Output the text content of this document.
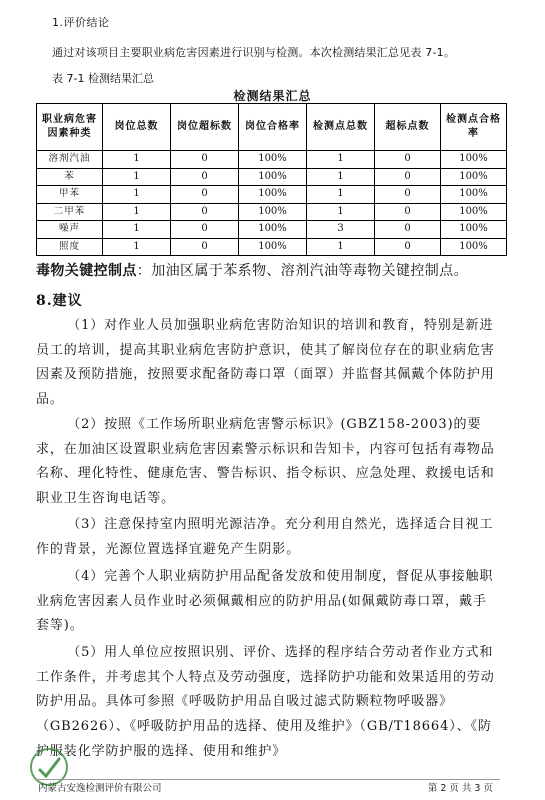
1.评价结论
通过对该项目主要职业病危害因素进行识别与检测。本次检测结果汇总见表 7-1。
表 7-1 检测结果汇总
检测结果汇总
职业病危害因素种类	岗位总数	岗位超标数	岗位合格率	检测点总数	超标点数	检测点合格率
溶剂汽油	1	0	100%	1	0	100%
苯	1	0	100%	1	0	100%
甲苯	1	0	100%	1	0	100%
二甲苯	1	0	100%	1	0	100%
噪声	1	0	100%	3	0	100%
照度	1	0	100%	1	0	100%
毒物关键控制点：加油区属于苯系物、溶剂汽油等毒物关键控制点。
8.建议

（1）对作业人员加强职业病危害防治知识的培训和教育，特别是新进员工的培训，提高其职业病危害防护意识，使其了解岗位存在的职业病危害因素及预防措施，按照要求配备防毒口罩（面罩）并监督其佩戴个体防护用品。

（2）按照《工作场所职业病危害警示标识》(GBZ158-2003)的要求，在加油区设置职业病危害因素警示标识和告知卡，内容可包括有毒物品名称、理化特性、健康危害、警告标识、指令标识、应急处理、救援电话和职业卫生咨询电话等。

（3）注意保持室内照明光源洁净。充分利用自然光，选择适合目视工作的背景，光源位置选择宜避免产生阴影。

（4）完善个人职业病防护用品配备发放和使用制度，督促从事接触职业病危害因素人员作业时必须佩戴相应的防护用品(如佩戴防毒口罩，戴手套等)。

（5）用人单位应按照识别、评价、选择的程序结合劳动者作业方式和工作条件，并考虑其个人特点及劳动强度，选择防护功能和效果适用的劳动防护用品。具体可参照《呼吸防护用品自吸过滤式防颗粒物呼吸器》（GB2626）、《呼吸防护用品的选择、使用及维护》（GB/T18664）、《防护服装化学防护服的选择、使用和维护》

内蒙古安逸检测评价有限公司	第 2 页 共 3 页
